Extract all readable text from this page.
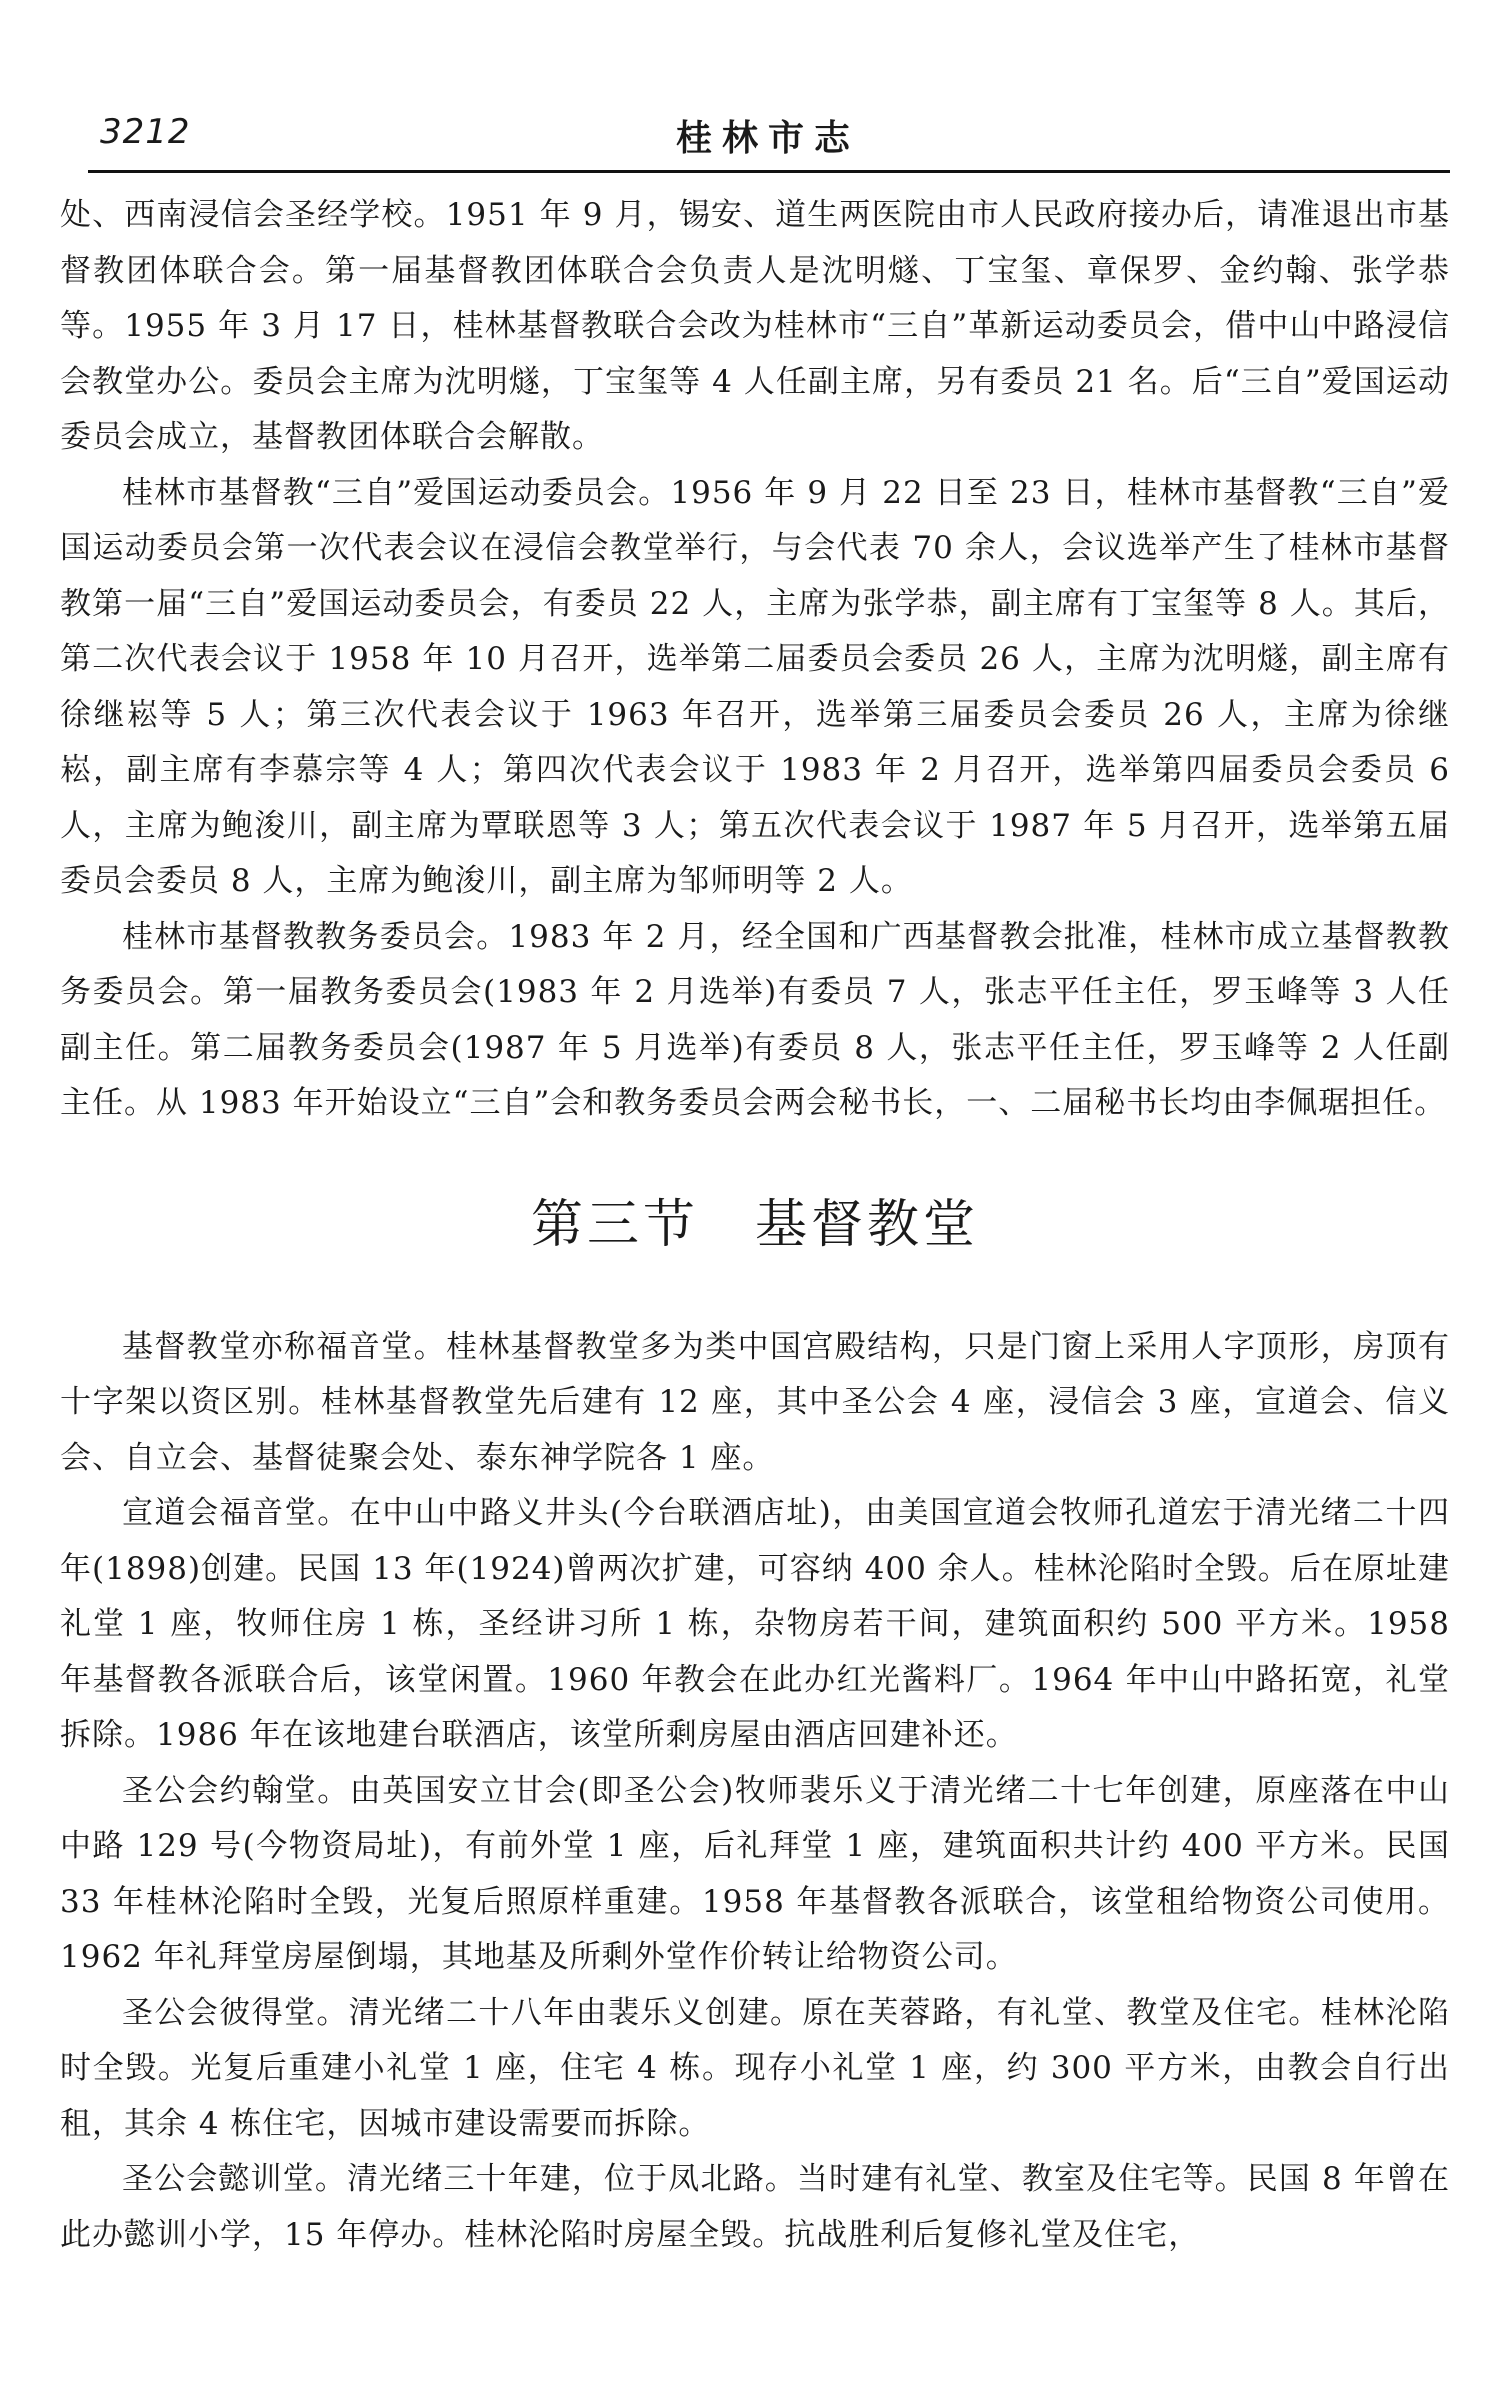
3212	桂林市志

处、西南浸信会圣经学校。1951 年 9 月，锡安、道生两医院由市人民政府接办后，请准退出市基督教团体联合会。第一届基督教团体联合会负责人是沈明燧、丁宝玺、章保罗、金约翰、张学恭等。1955 年 3 月 17 日，桂林基督教联合会改为桂林市“三自”革新运动委员会，借中山中路浸信会教堂办公。委员会主席为沈明燧，丁宝玺等 4 人任副主席，另有委员 21 名。后“三自”爱国运动委员会成立，基督教团体联合会解散。

桂林市基督教“三自”爱国运动委员会。1956 年 9 月 22 日至 23 日，桂林市基督教“三自”爱国运动委员会第一次代表会议在浸信会教堂举行，与会代表 70 余人，会议选举产生了桂林市基督教第一届“三自”爱国运动委员会，有委员 22 人，主席为张学恭，副主席有丁宝玺等 8 人。其后，第二次代表会议于 1958 年 10 月召开，选举第二届委员会委员 26 人，主席为沈明燧，副主席有徐继崧等 5 人；第三次代表会议于 1963 年召开，选举第三届委员会委员 26 人，主席为徐继崧，副主席有李慕宗等 4 人；第四次代表会议于 1983 年 2 月召开，选举第四届委员会委员 6 人，主席为鲍浚川，副主席为覃联恩等 3 人；第五次代表会议于 1987 年 5 月召开，选举第五届委员会委员 8 人，主席为鲍浚川，副主席为邹师明等 2 人。

桂林市基督教教务委员会。1983 年 2 月，经全国和广西基督教会批准，桂林市成立基督教教务委员会。第一届教务委员会(1983 年 2 月选举)有委员 7 人，张志平任主任，罗玉峰等 3 人任副主任。第二届教务委员会(1987 年 5 月选举)有委员 8 人，张志平任主任，罗玉峰等 2 人任副主任。从 1983 年开始设立“三自”会和教务委员会两会秘书长，一、二届秘书长均由李佩琚担任。

第三节 基督教堂

基督教堂亦称福音堂。桂林基督教堂多为类中国宫殿结构，只是门窗上采用人字顶形，房顶有十字架以资区别。桂林基督教堂先后建有 12 座，其中圣公会 4 座，浸信会 3 座，宣道会、信义会、自立会、基督徒聚会处、泰东神学院各 1 座。

宣道会福音堂。在中山中路义井头(今台联酒店址)，由美国宣道会牧师孔道宏于清光绪二十四年(1898)创建。民国 13 年(1924)曾两次扩建，可容纳 400 余人。桂林沦陷时全毁。后在原址建礼堂 1 座，牧师住房 1 栋，圣经讲习所 1 栋，杂物房若干间，建筑面积约 500 平方米。1958 年基督教各派联合后，该堂闲置。1960 年教会在此办红光酱料厂。1964 年中山中路拓宽，礼堂拆除。1986 年在该地建台联酒店，该堂所剩房屋由酒店回建补还。

圣公会约翰堂。由英国安立甘会(即圣公会)牧师裴乐义于清光绪二十七年创建，原座落在中山中路 129 号(今物资局址)，有前外堂 1 座，后礼拜堂 1 座，建筑面积共计约 400 平方米。民国 33 年桂林沦陷时全毁，光复后照原样重建。1958 年基督教各派联合，该堂租给物资公司使用。1962 年礼拜堂房屋倒塌，其地基及所剩外堂作价转让给物资公司。

圣公会彼得堂。清光绪二十八年由裴乐义创建。原在芙蓉路，有礼堂、教堂及住宅。桂林沦陷时全毁。光复后重建小礼堂 1 座，住宅 4 栋。现存小礼堂 1 座，约 300 平方米，由教会自行出租，其余 4 栋住宅，因城市建设需要而拆除。

圣公会懿训堂。清光绪三十年建，位于凤北路。当时建有礼堂、教室及住宅等。民国 8 年曾在此办懿训小学，15 年停办。桂林沦陷时房屋全毁。抗战胜利后复修礼堂及住宅，
